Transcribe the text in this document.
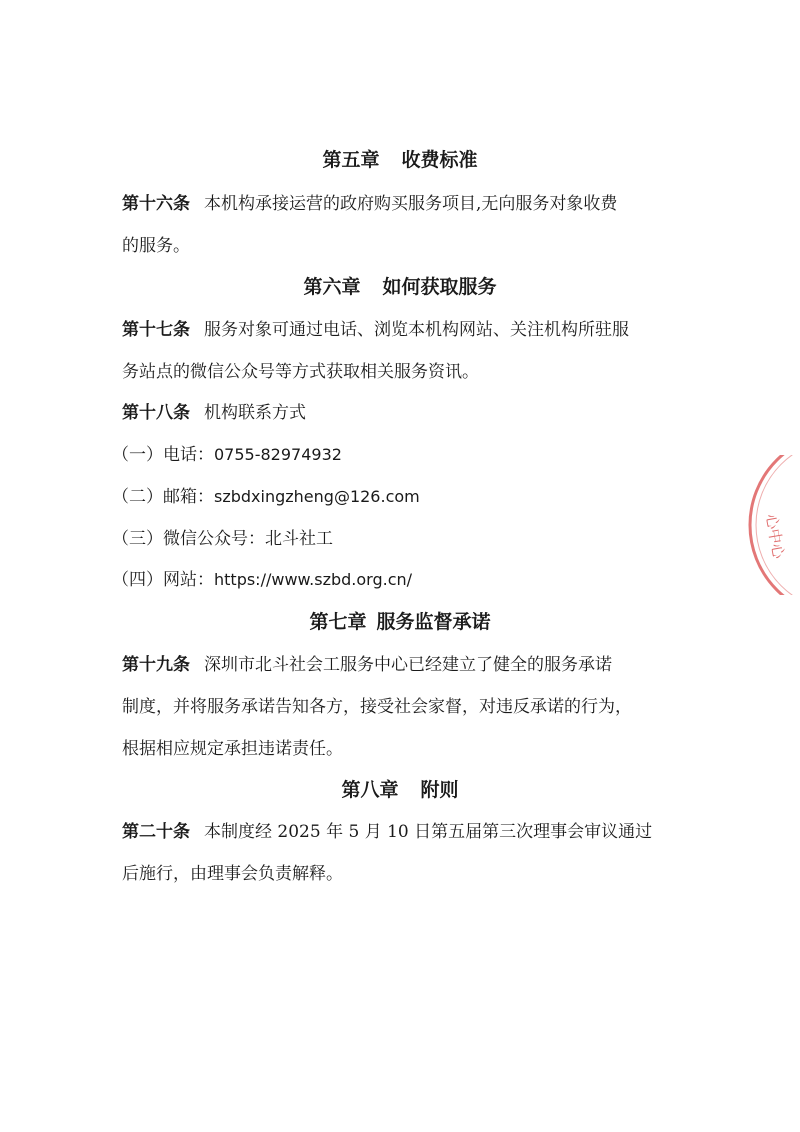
第五章 收费标准
第十六条 本机构承接运营的政府购买服务项目,无向服务对象收费
的服务。
第六章 如何获取服务
第十七条 服务对象可通过电话、浏览本机构网站、关注机构所驻服
务站点的微信公众号等方式获取相关服务资讯。
第十八条 机构联系方式
（一）电话：0755-82974932
（二）邮箱：szbdxingzheng@126.com
（三）微信公众号：北斗社工
（四）网站：https://www.szbd.org.cn/
第七章 服务监督承诺
第十九条 深圳市北斗社会工服务中心已经建立了健全的服务承诺
制度，并将服务承诺告知各方，接受社会家督，对违反承诺的行为，
根据相应规定承担违诺责任。
第八章 附则
第二十条 本制度经 2025 年 5 月 10 日第五届第三次理事会审议通过
后施行，由理事会负责解释。
心中心
